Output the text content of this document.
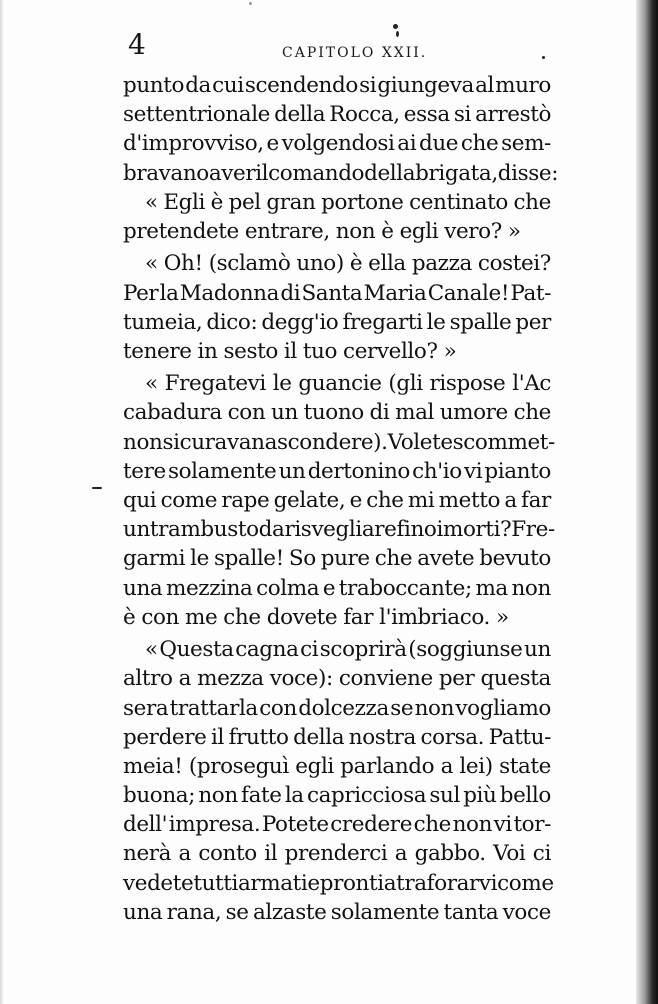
4	CAPITOLO XXII.
punto da cui scendendo si giungeva al muro
settentrionale della Rocca, essa si arrestò
d'improvviso, e volgendosi ai due che sem-
bravano aver il comando della brigata, disse:
« Egli è pel gran portone centinato che
pretendete entrare, non è egli vero? »
« Oh! (sclamò uno) è ella pazza costei?
Per la Madonna di Santa Maria Canale! Pat-
tumeia, dico: degg'io fregarti le spalle per
tenere in sesto il tuo cervello? »
« Fregatevi le guancie (gli rispose l'Ac
cabadura con un tuono di mal umore che
non si curava nascondere). Volete scommet-
tere solamente un dertonino ch'io vi pianto
qui come rape gelate, e che mi metto a far
un trambusto da risvegliare fino i morti? Fre-
garmi le spalle! So pure che avete bevuto
una mezzina colma e traboccante; ma non
è con me che dovete far l'imbriaco. »
« Questa cagna ci scoprirà (soggiunse un
altro a mezza voce): conviene per questa
sera trattarla con dolcezza se non vogliamo
perdere il frutto della nostra corsa. Pattu-
meia! (proseguì egli parlando a lei) state
buona; non fate la capricciosa sul più bello
dell' impresa. Potete credere che non vi tor-
nerà a conto il prenderci a gabbo. Voi ci
vedete tutti armati e pronti a traforarvi come
una rana, se alzaste solamente tanta voce
